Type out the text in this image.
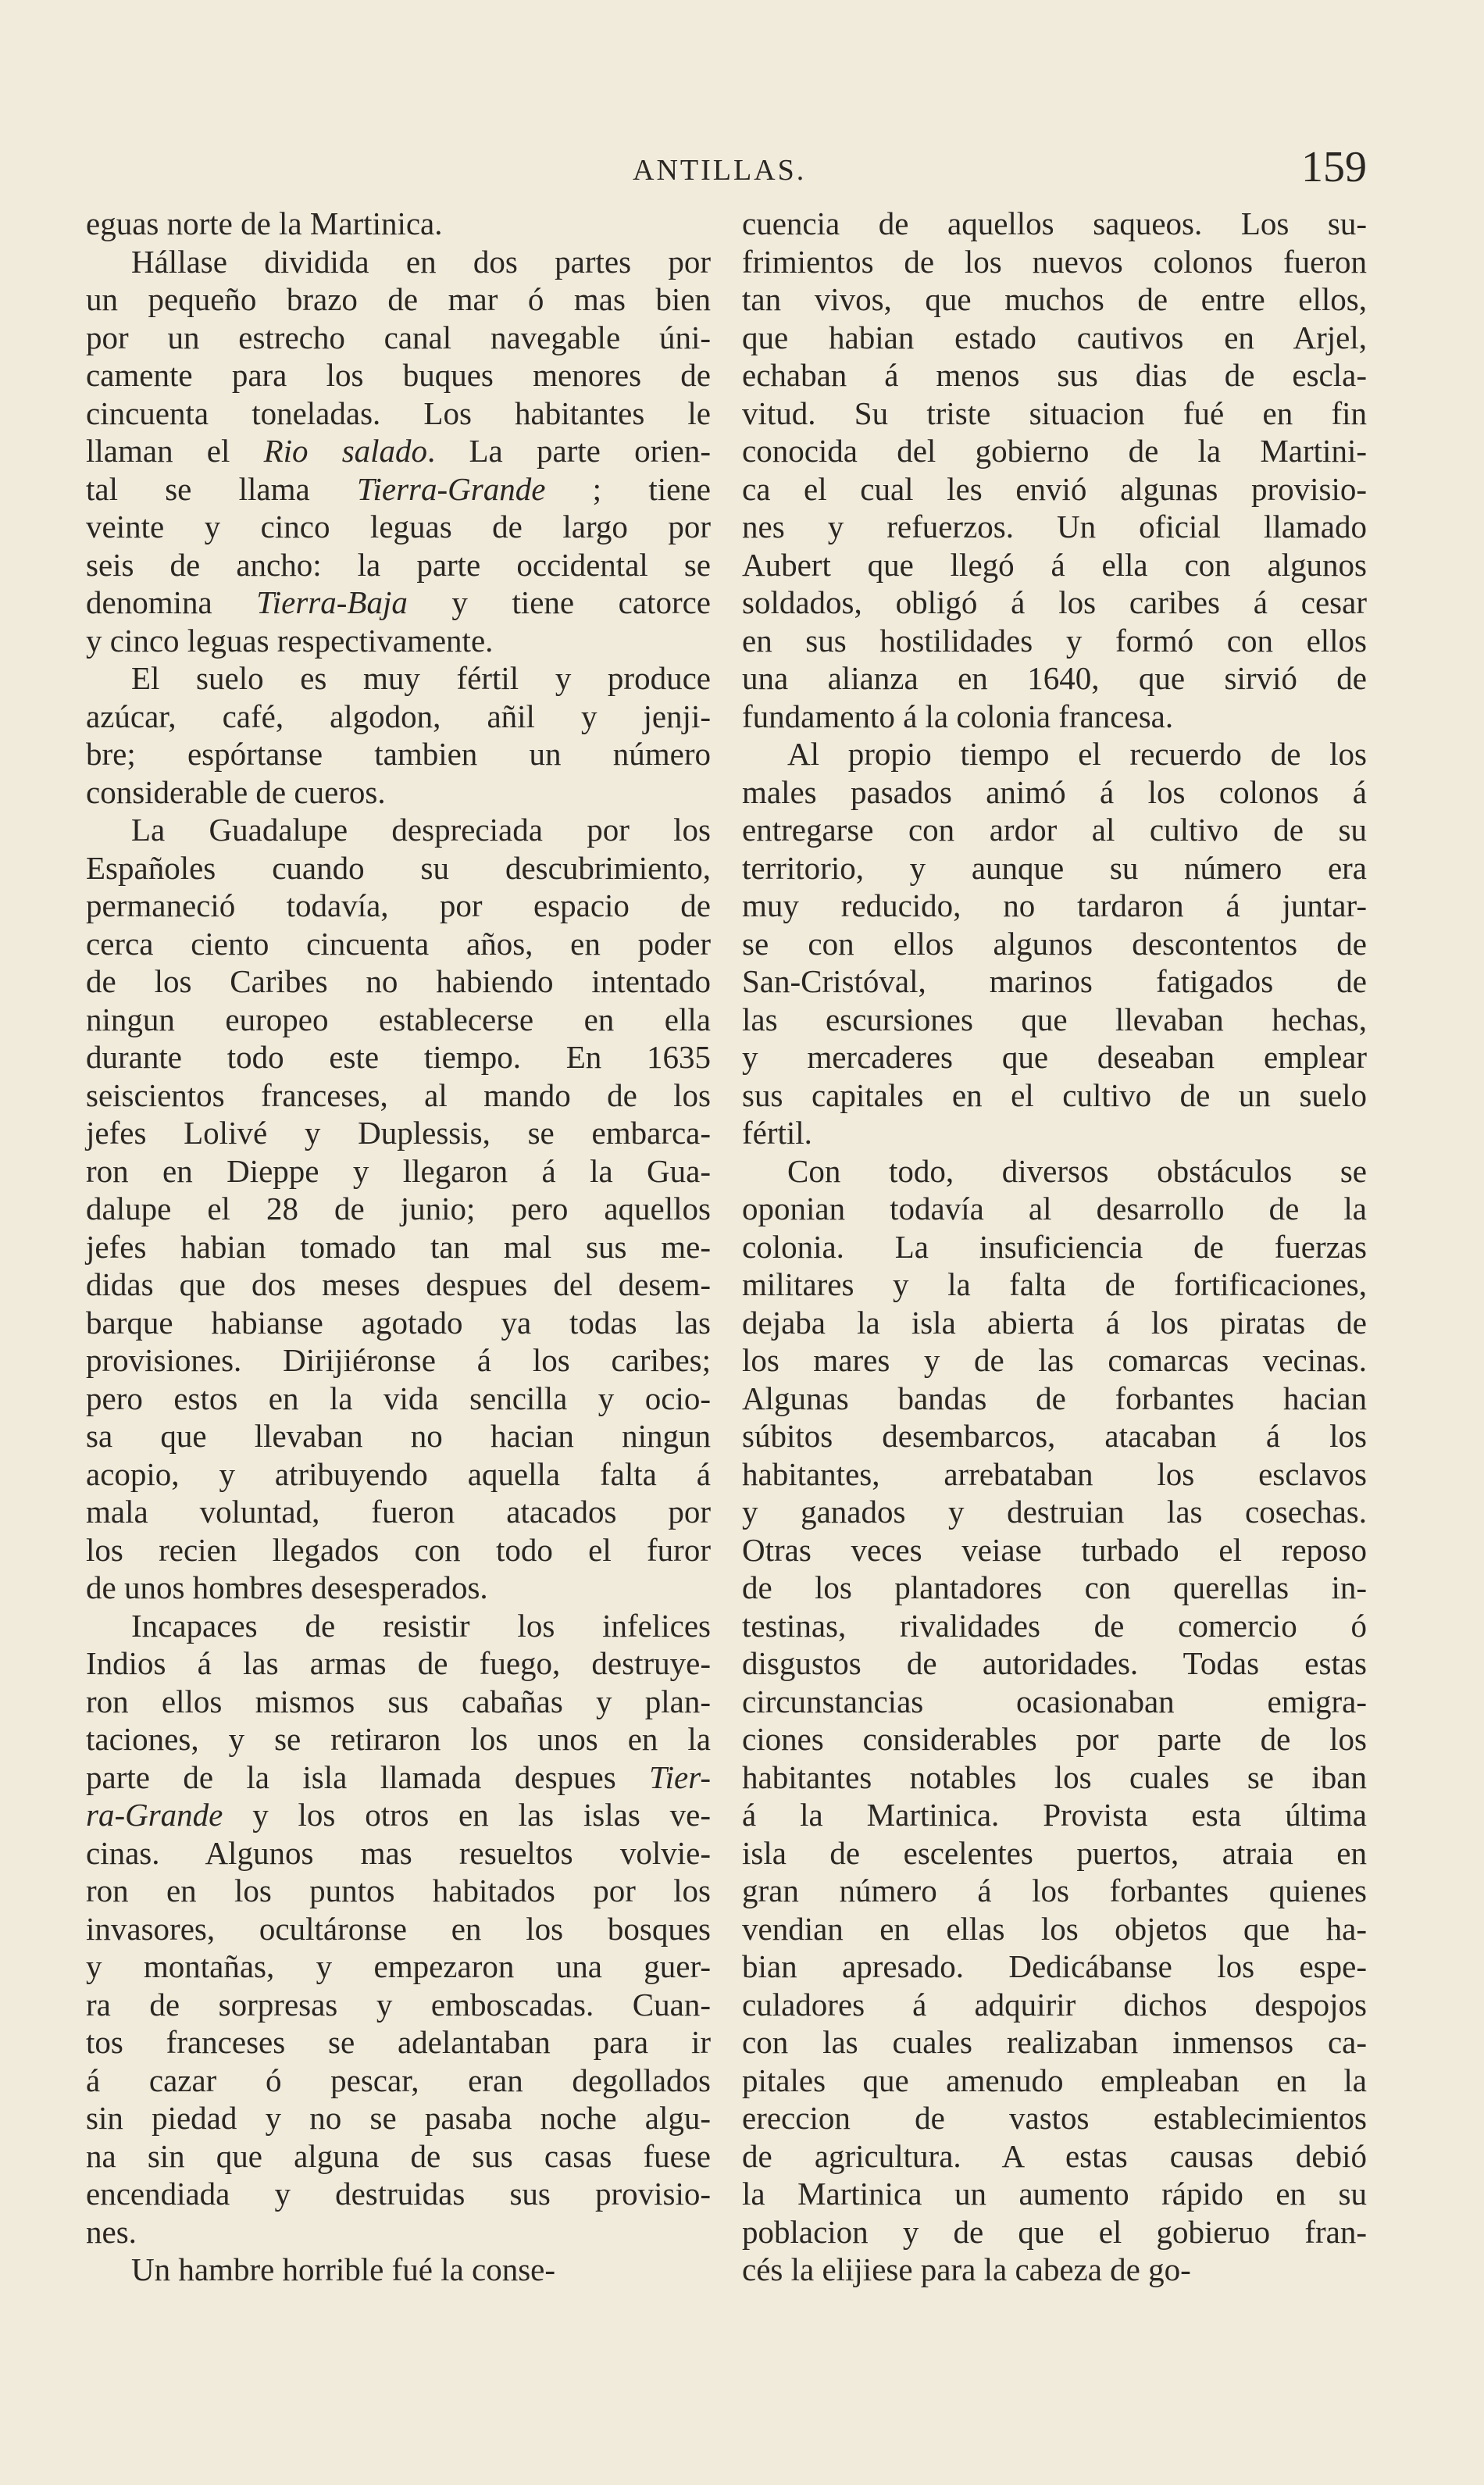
ANTILLAS.	159
eguas norte de la Martinica.
Hállase dividida en dos partes por
un pequeño brazo de mar ó mas bien
por un estrecho canal navegable úni-
camente para los buques menores de
cincuenta toneladas. Los habitantes le
llaman el Rio salado. La parte orien-
tal se llama Tierra-Grande ; tiene
veinte y cinco leguas de largo por
seis de ancho: la parte occidental se
denomina Tierra-Baja y tiene catorce
y cinco leguas respectivamente.
El suelo es muy fértil y produce
azúcar, café, algodon, añil y jenji-
bre; espórtanse tambien un número
considerable de cueros.
La Guadalupe despreciada por los
Españoles cuando su descubrimiento,
permaneció todavía, por espacio de
cerca ciento cincuenta años, en poder
de los Caribes no habiendo intentado
ningun europeo establecerse en ella
durante todo este tiempo. En 1635
seiscientos franceses, al mando de los
jefes Lolivé y Duplessis, se embarca-
ron en Dieppe y llegaron á la Gua-
dalupe el 28 de junio; pero aquellos
jefes habian tomado tan mal sus me-
didas que dos meses despues del desem-
barque habianse agotado ya todas las
provisiones. Dirijiéronse á los caribes;
pero estos en la vida sencilla y ocio-
sa que llevaban no hacian ningun
acopio, y atribuyendo aquella falta á
mala voluntad, fueron atacados por
los recien llegados con todo el furor
de unos hombres desesperados.
Incapaces de resistir los infelices
Indios á las armas de fuego, destruye-
ron ellos mismos sus cabañas y plan-
taciones, y se retiraron los unos en la
parte de la isla llamada despues Tier-
ra-Grande y los otros en las islas ve-
cinas. Algunos mas resueltos volvie-
ron en los puntos habitados por los
invasores, ocultáronse en los bosques
y montañas, y empezaron una guer-
ra de sorpresas y emboscadas. Cuan-
tos franceses se adelantaban para ir
á cazar ó pescar, eran degollados
sin piedad y no se pasaba noche algu-
na sin que alguna de sus casas fuese
encendiada y destruidas sus provisio-
nes.
Un hambre horrible fué la conse-
cuencia de aquellos saqueos. Los su-
frimientos de los nuevos colonos fueron
tan vivos, que muchos de entre ellos,
que habian estado cautivos en Arjel,
echaban á menos sus dias de escla-
vitud. Su triste situacion fué en fin
conocida del gobierno de la Martini-
ca el cual les envió algunas provisio-
nes y refuerzos. Un oficial llamado
Aubert que llegó á ella con algunos
soldados, obligó á los caribes á cesar
en sus hostilidades y formó con ellos
una alianza en 1640, que sirvió de
fundamento á la colonia francesa.
Al propio tiempo el recuerdo de los
males pasados animó á los colonos á
entregarse con ardor al cultivo de su
territorio, y aunque su número era
muy reducido, no tardaron á juntar-
se con ellos algunos descontentos de
San-Cristóval, marinos fatigados de
las escursiones que llevaban hechas,
y mercaderes que deseaban emplear
sus capitales en el cultivo de un suelo
fértil.
Con todo, diversos obstáculos se
oponian todavía al desarrollo de la
colonia. La insuficiencia de fuerzas
militares y la falta de fortificaciones,
dejaba la isla abierta á los piratas de
los mares y de las comarcas vecinas.
Algunas bandas de forbantes hacian
súbitos desembarcos, atacaban á los
habitantes, arrebataban los esclavos
y ganados y destruian las cosechas.
Otras veces veiase turbado el reposo
de los plantadores con querellas in-
testinas, rivalidades de comercio ó
disgustos de autoridades. Todas estas
circunstancias ocasionaban emigra-
ciones considerables por parte de los
habitantes notables los cuales se iban
á la Martinica. Provista esta última
isla de escelentes puertos, atraia en
gran número á los forbantes quienes
vendian en ellas los objetos que ha-
bian apresado. Dedicábanse los espe-
culadores á adquirir dichos despojos
con las cuales realizaban inmensos ca-
pitales que amenudo empleaban en la
ereccion de vastos establecimientos
de agricultura. A estas causas debió
la Martinica un aumento rápido en su
poblacion y de que el gobieruo fran-
cés la elijiese para la cabeza de go-
